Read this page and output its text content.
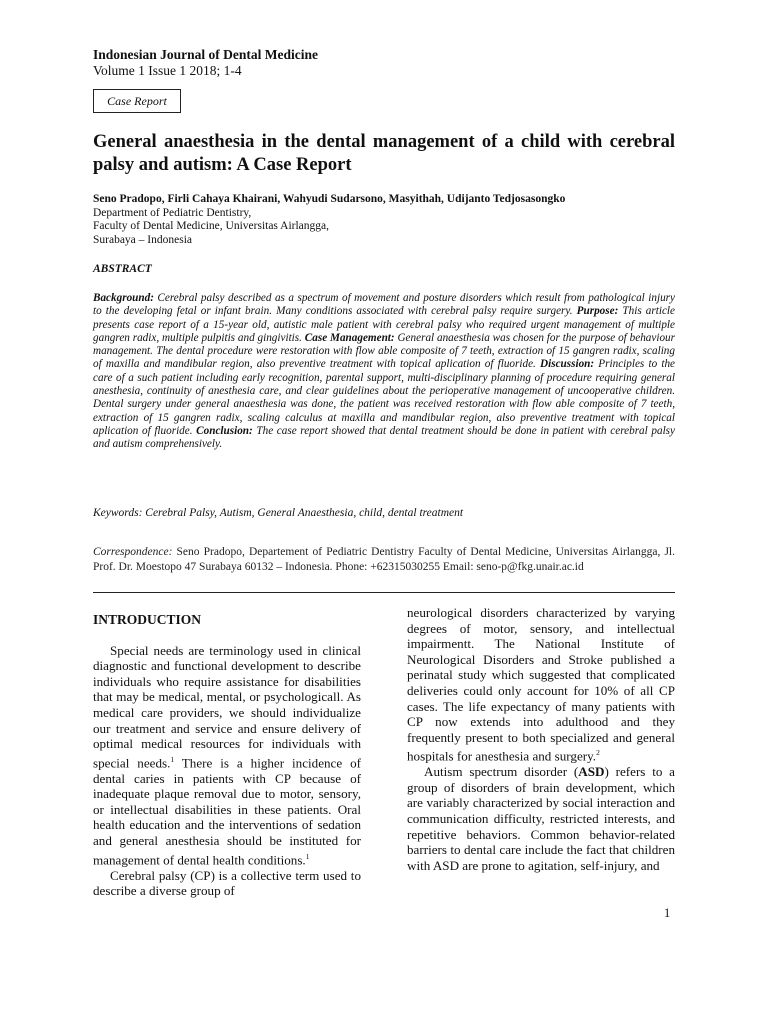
Indonesian Journal of Dental Medicine
Volume 1 Issue 1 2018; 1-4
Case Report
General anaesthesia in the dental management of a child with cerebral palsy and autism: A Case Report
Seno Pradopo, Firli Cahaya Khairani, Wahyudi Sudarsono, Masyithah, Udijanto Tedjosasongko
Department of Pediatric Dentistry,
Faculty of Dental Medicine, Universitas Airlangga,
Surabaya – Indonesia
ABSTRACT
Background: Cerebral palsy described as a spectrum of movement and posture disorders which result from pathological injury to the developing fetal or infant brain. Many conditions associated with cerebral palsy require surgery. Purpose: This article presents case report of a 15-year old, autistic male patient with cerebral palsy who required urgent management of multiple gangren radix, multiple pulpitis and gingivitis. Case Management: General anaesthesia was chosen for the purpose of behaviour management. The dental procedure were restoration with flow able composite of 7 teeth, extraction of 15 gangren radix, scaling of maxilla and mandibular region, also preventive treatment with topical aplication of fluoride. Discussion: Principles to the care of a such patient including early recognition, parental support, multi-disciplinary planning of procedure requiring general anesthesia, continuity of anesthesia care, and clear guidelines about the perioperative management of uncooperative children. Dental surgery under general anaesthesia was done, the patient was received restoration with flow able composite of 7 teeth, extraction of 15 gangren radix, scaling calculus at maxilla and mandibular region, also preventive treatment with topical aplication of fluoride. Conclusion: The case report showed that dental treatment should be done in patient with cerebral palsy and autism comprehensively.
Keywords: Cerebral Palsy, Autism, General Anaesthesia, child, dental treatment
Correspondence: Seno Pradopo, Departement of Pediatric Dentistry Faculty of Dental Medicine, Universitas Airlangga, Jl. Prof. Dr. Moestopo 47 Surabaya 60132 – Indonesia. Phone: +62315030255 Email: seno-p@fkg.unair.ac.id
INTRODUCTION

Special needs are terminology used in clinical diagnostic and functional development to describe individuals who require assistance for disabilities that may be medical, mental, or psychologicall. As medical care providers, we should individualize our treatment and service and ensure delivery of optimal medical resources for individuals with special needs.$^1$ There is a higher incidence of dental caries in patients with CP because of inadequate plaque removal due to motor, sensory, or intellectual disabilities in these patients. Oral health education and the interventions of sedation and general anesthesia should be instituted for management of dental health conditions.$^1$

Cerebral palsy (CP) is a collective term used to describe a diverse group of

neurological disorders characterized by varying degrees of motor, sensory, and intellectual impairmentt. The National Institute of Neurological Disorders and Stroke published a perinatal study which suggested that complicated deliveries could only account for 10% of all CP cases. The life expectancy of many patients with CP now extends into adulthood and they frequently present to both specialized and general hospitals for anesthesia and surgery.$^2$

Autism spectrum disorder (ASD) refers to a group of disorders of brain development, which are variably characterized by social interaction and communication difficulty, restricted interests, and repetitive behaviors. Common behavior-related barriers to dental care include the fact that children with ASD are prone to agitation, self-injury, and

1
